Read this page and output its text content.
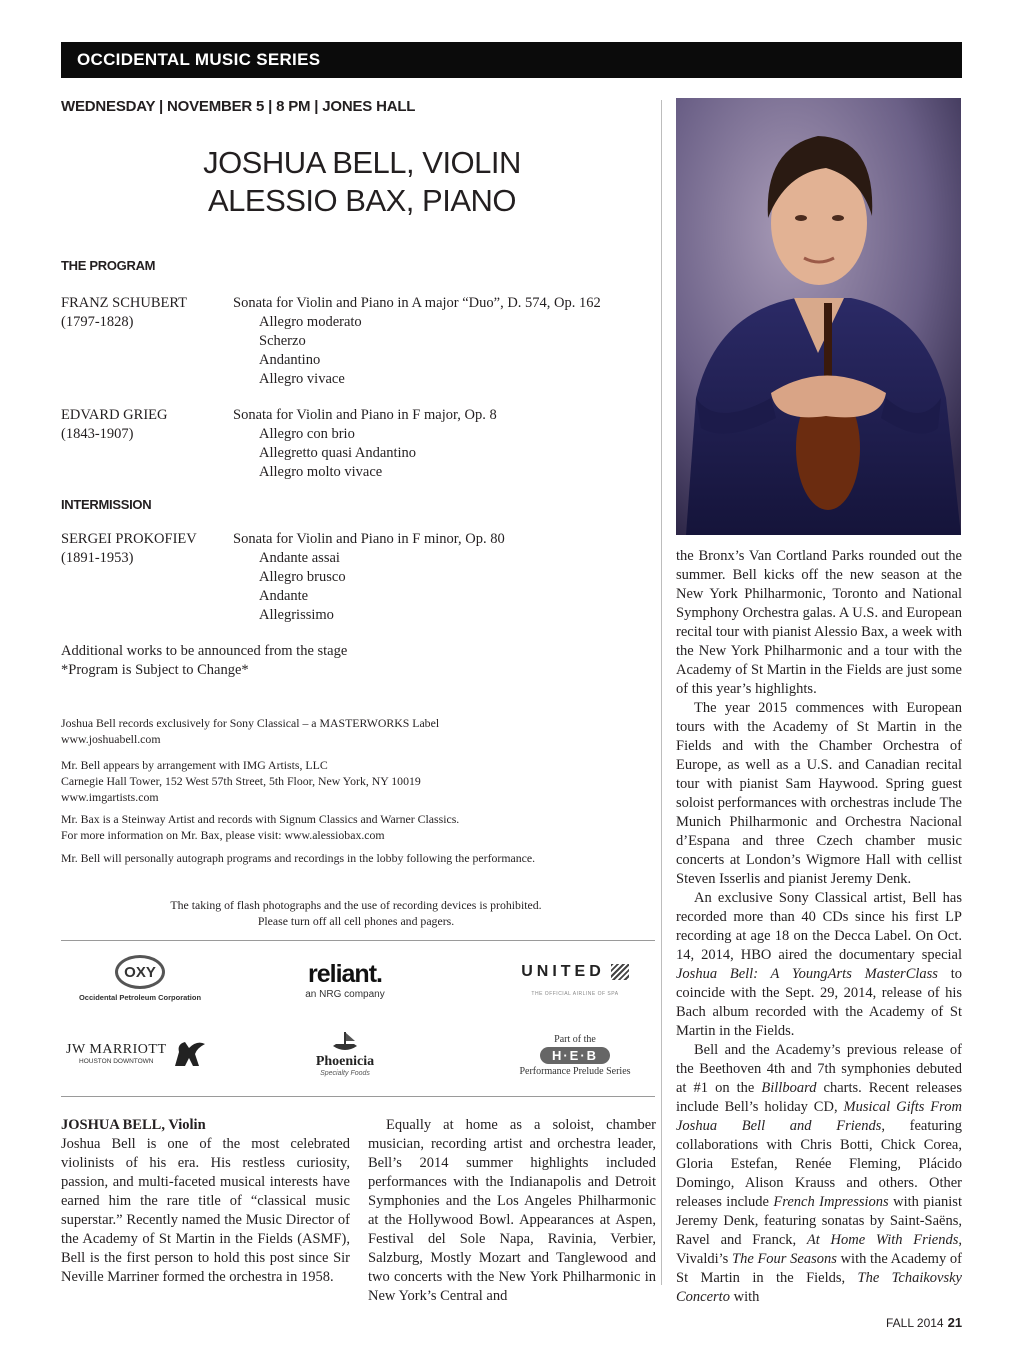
OCCIDENTAL MUSIC SERIES
WEDNESDAY | NOVEMBER 5 | 8 PM | JONES HALL
JOSHUA BELL, VIOLIN
ALESSIO BAX, PIANO
THE PROGRAM
FRANZ SCHUBERT
(1797-1828)
Sonata for Violin and Piano in A major “Duo”, D. 574, Op. 162
Allegro moderato
Scherzo
Andantino
Allegro vivace
EDVARD GRIEG
(1843-1907)
Sonata for Violin and Piano in F major, Op. 8
Allegro con brio
Allegretto quasi Andantino
Allegro molto vivace
INTERMISSION
SERGEI PROKOFIEV
(1891-1953)
Sonata for Violin and Piano in F minor, Op. 80
Andante assai
Allegro brusco
Andante
Allegrissimo
Additional works to be announced from the stage
*Program is Subject to Change*
Joshua Bell records exclusively for Sony Classical – a MASTERWORKS Label
www.joshuabell.com
Mr. Bell appears by arrangement with IMG Artists, LLC
Carnegie Hall Tower, 152 West 57th Street, 5th Floor, New York, NY 10019
www.imgartists.com
Mr. Bax is a Steinway Artist and records with Signum Classics and Warner Classics.
For more information on Mr. Bax, please visit: www.alessiobax.com
Mr. Bell will personally autograph programs and recordings in the lobby following the performance.
The taking of flash photographs and the use of recording devices is prohibited.
Please turn off all cell phones and pagers.
OXY
Occidental Petroleum Corporation
reliant.
an NRG company
UNITED
THE OFFICIAL AIRLINE OF SPA
JW MARRIOTT
HOUSTON DOWNTOWN	Phoenicia
Specialty Foods
Part of the
H·E·B
Performance Prelude Series
JOSHUA BELL, Violin

Joshua Bell is one of the most celebrated violinists of his era. His restless curiosity, passion, and multi-faceted musical interests have earned him the rare title of “classical music superstar.” Recently named the Music Director of the Academy of St Martin in the Fields (ASMF), Bell is the first person to hold this post since Sir Neville Marriner formed the orchestra in 1958.

Equally at home as a soloist, chamber musician, recording artist and orchestra leader, Bell’s 2014 summer highlights included performances with the Indianapolis and Detroit Symphonies and the Los Angeles Philharmonic at the Hollywood Bowl. Appearances at Aspen, Festival del Sole Napa, Ravinia, Verbier, Salzburg, Mostly Mozart and Tanglewood and two concerts with the New York Philharmonic in New York’s Central and

the Bronx’s Van Cortland Parks rounded out the summer. Bell kicks off the new season at the New York Philharmonic, Toronto and National Symphony Orchestra galas. A U.S. and European recital tour with pianist Alessio Bax, a week with the New York Philharmonic and a tour with the Academy of St Martin in the Fields are just some of this year’s highlights.

The year 2015 commences with European tours with the Academy of St Martin in the Fields and with the Chamber Orchestra of Europe, as well as a U.S. and Canadian recital tour with pianist Sam Haywood. Spring guest soloist performances with orchestras include The Munich Philharmonic and Orchestra Nacional d’Espana and three Czech chamber music concerts at London’s Wigmore Hall with cellist Steven Isserlis and pianist Jeremy Denk.

An exclusive Sony Classical artist, Bell has recorded more than 40 CDs since his first LP recording at age 18 on the Decca Label. On Oct. 14, 2014, HBO aired the documentary special Joshua Bell: A YoungArts MasterClass to coincide with the Sept. 29, 2014, release of his Bach album recorded with the Academy of St Martin in the Fields.

Bell and the Academy’s previous release of the Beethoven 4th and 7th symphonies debuted at #1 on the Billboard charts. Recent releases include Bell’s holiday CD, Musical Gifts From Joshua Bell and Friends, featuring collaborations with Chris Botti, Chick Corea, Gloria Estefan, Renée Fleming, Plácido Domingo, Alison Krauss and others. Other releases include French Impressions with pianist Jeremy Denk, featuring sonatas by Saint-Saëns, Ravel and Franck, At Home With Friends, Vivaldi’s The Four Seasons with the Academy of St Martin in the Fields, The Tchaikovsky Concerto with

FALL 2014 21
